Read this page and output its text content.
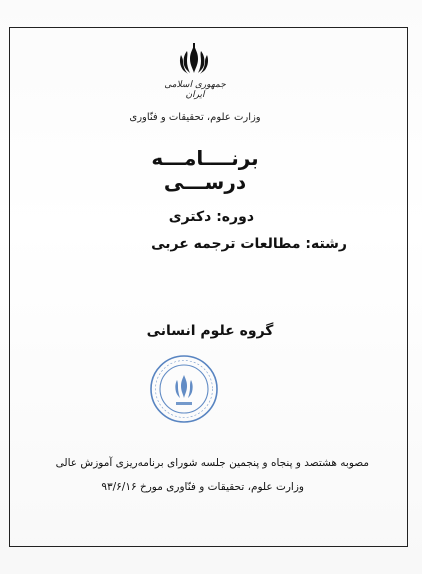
جمهوری اسلامی ایران
وزارت علوم، تحقیقات و فنّاوری
برنــــامـــه درســـی
دوره: دکتری
رشته: مطالعات ترجمه عربی
گروه علوم انسانی
مصوبه هشتصد و پنجاه و پنجمین جلسه شورای برنامه‌ریزی آموزش عالی
وزارت علوم، تحقیقات و فنّاوری مورخ ۹۳/۶/۱۶
